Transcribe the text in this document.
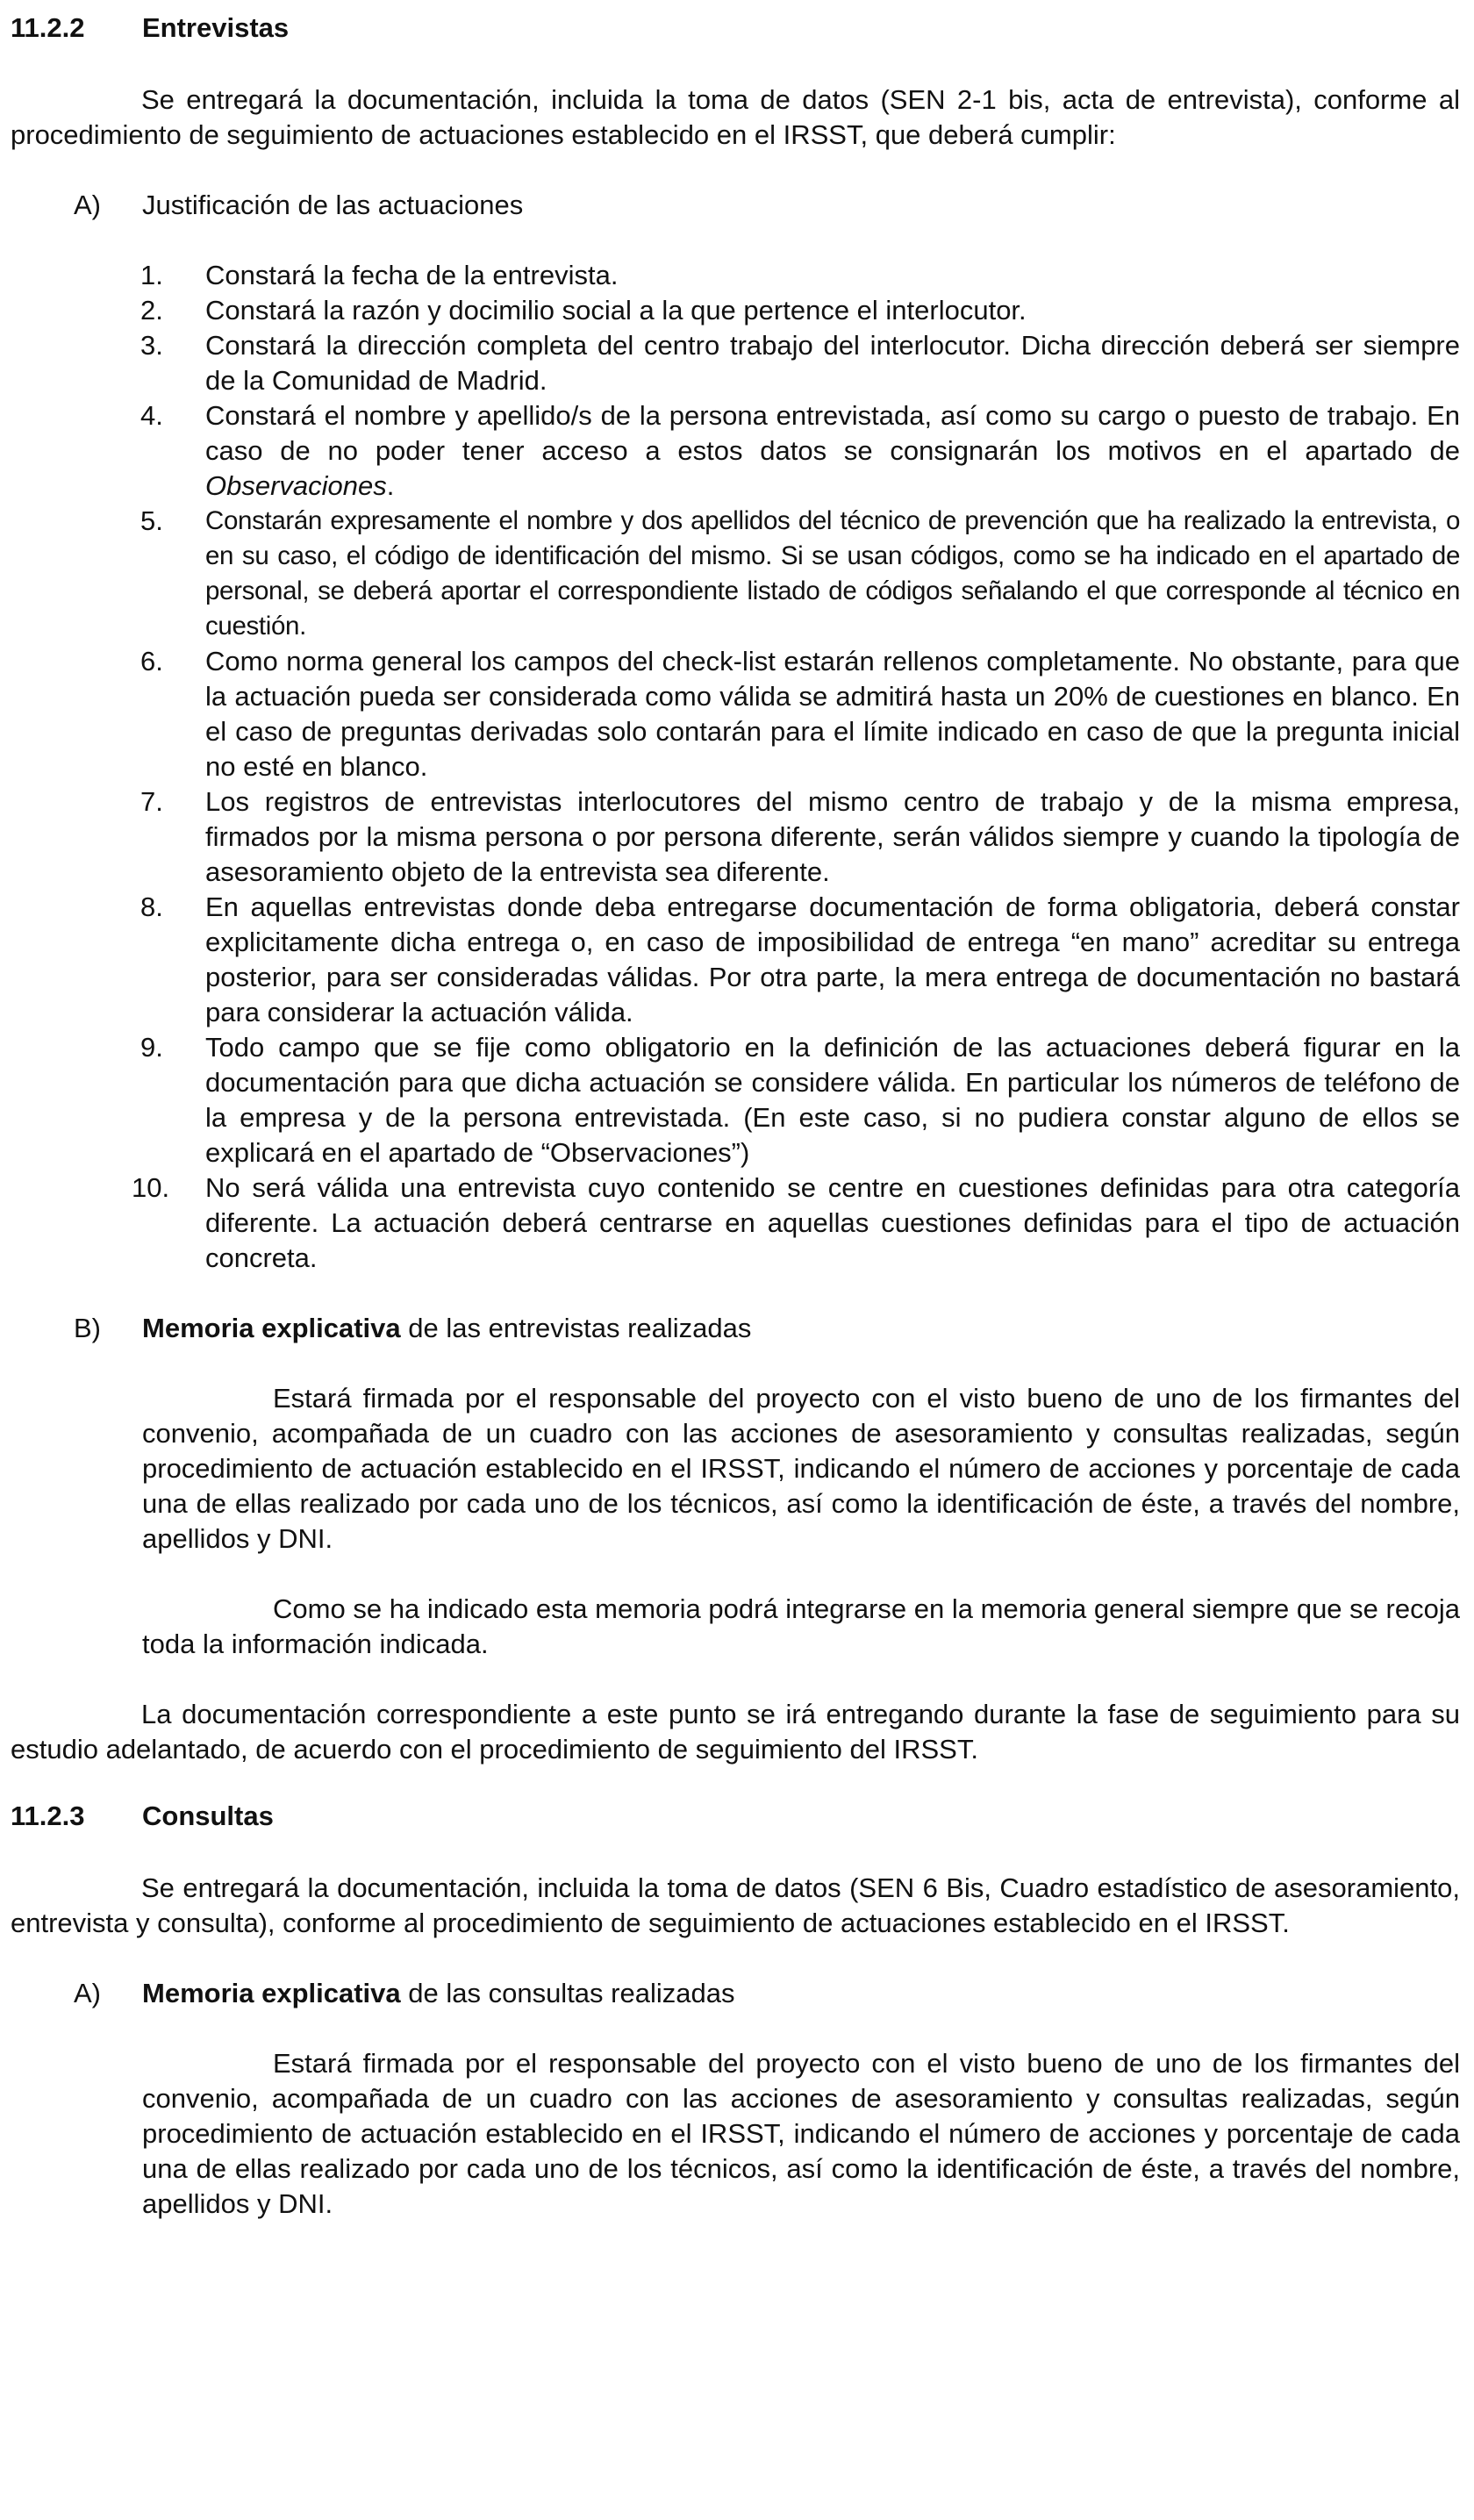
11.2.2	Entrevistas

Se entregará la documentación, incluida la toma de datos (SEN 2-1 bis, acta de entrevista), conforme al procedimiento de seguimiento de actuaciones establecido en el IRSST, que deberá cumplir:

A)	Justificación de las actuaciones
1.	Constará la fecha de la entrevista.
2.	Constará la razón y docimilio social a la que pertence el interlocutor.
3.	Constará la dirección completa del centro trabajo del interlocutor. Dicha dirección deberá ser siempre de la Comunidad de Madrid.
4.	Constará el nombre y apellido/s de la persona entrevistada, así como su cargo o puesto de trabajo. En caso de no poder tener acceso a estos datos se consignarán los motivos en el apartado de Observaciones.
5.	Constarán expresamente el nombre y dos apellidos del técnico de prevención que ha realizado la entrevista, o en su caso, el código de identificación del mismo. Si se usan códigos, como se ha indicado en el apartado de personal, se deberá aportar el correspondiente listado de códigos señalando el que corresponde al técnico en cuestión.
6.	Como norma general los campos del check-list estarán rellenos completamente. No obstante, para que la actuación pueda ser considerada como válida se admitirá hasta un 20% de cuestiones en blanco. En el caso de preguntas derivadas solo contarán para el límite indicado en caso de que la pregunta inicial no esté en blanco.
7.	Los registros de entrevistas interlocutores del mismo centro de trabajo y de la misma empresa, firmados por la misma persona o por persona diferente, serán válidos siempre y cuando la tipología de asesoramiento objeto de la entrevista sea diferente.
8.	En aquellas entrevistas donde deba entregarse documentación de forma obligatoria, deberá constar explicitamente dicha entrega o, en caso de imposibilidad de entrega “en mano” acreditar su entrega posterior, para ser consideradas válidas. Por otra parte, la mera entrega de documentación no bastará para considerar la actuación válida.
9.	Todo campo que se fije como obligatorio en la definición de las actuaciones deberá figurar en la documentación para que dicha actuación se considere válida. En particular los números de teléfono de la empresa y de la persona entrevistada. (En este caso, si no pudiera constar alguno de ellos se explicará en el apartado de “Observaciones”)
10.	No será válida una entrevista cuyo contenido se centre en cuestiones definidas para otra categoría diferente. La actuación deberá centrarse en aquellas cuestiones definidas para el tipo de actuación concreta.
B)	Memoria explicativa de las entrevistas realizadas

Estará firmada por el responsable del proyecto con el visto bueno de uno de los firmantes del convenio, acompañada de un cuadro con las acciones de asesoramiento y consultas realizadas, según procedimiento de actuación establecido en el IRSST, indicando el número de acciones y porcentaje de cada una de ellas realizado por cada uno de los técnicos, así como la identificación de éste, a través del nombre, apellidos y DNI.

Como se ha indicado esta memoria podrá integrarse en la memoria general siempre que se recoja toda la información indicada.

La documentación correspondiente a este punto se irá entregando durante la fase de seguimiento para su estudio adelantado, de acuerdo con el procedimiento de seguimiento del IRSST.

11.2.3	Consultas

Se entregará la documentación, incluida la toma de datos (SEN 6 Bis, Cuadro estadístico de asesoramiento, entrevista y consulta), conforme al procedimiento de seguimiento de actuaciones establecido en el IRSST.

A)	Memoria explicativa de las consultas realizadas

Estará firmada por el responsable del proyecto con el visto bueno de uno de los firmantes del convenio, acompañada de un cuadro con las acciones de asesoramiento y consultas realizadas, según procedimiento de actuación establecido en el IRSST, indicando el número de acciones y porcentaje de cada una de ellas realizado por cada uno de los técnicos, así como la identificación de éste, a través del nombre, apellidos y DNI.
